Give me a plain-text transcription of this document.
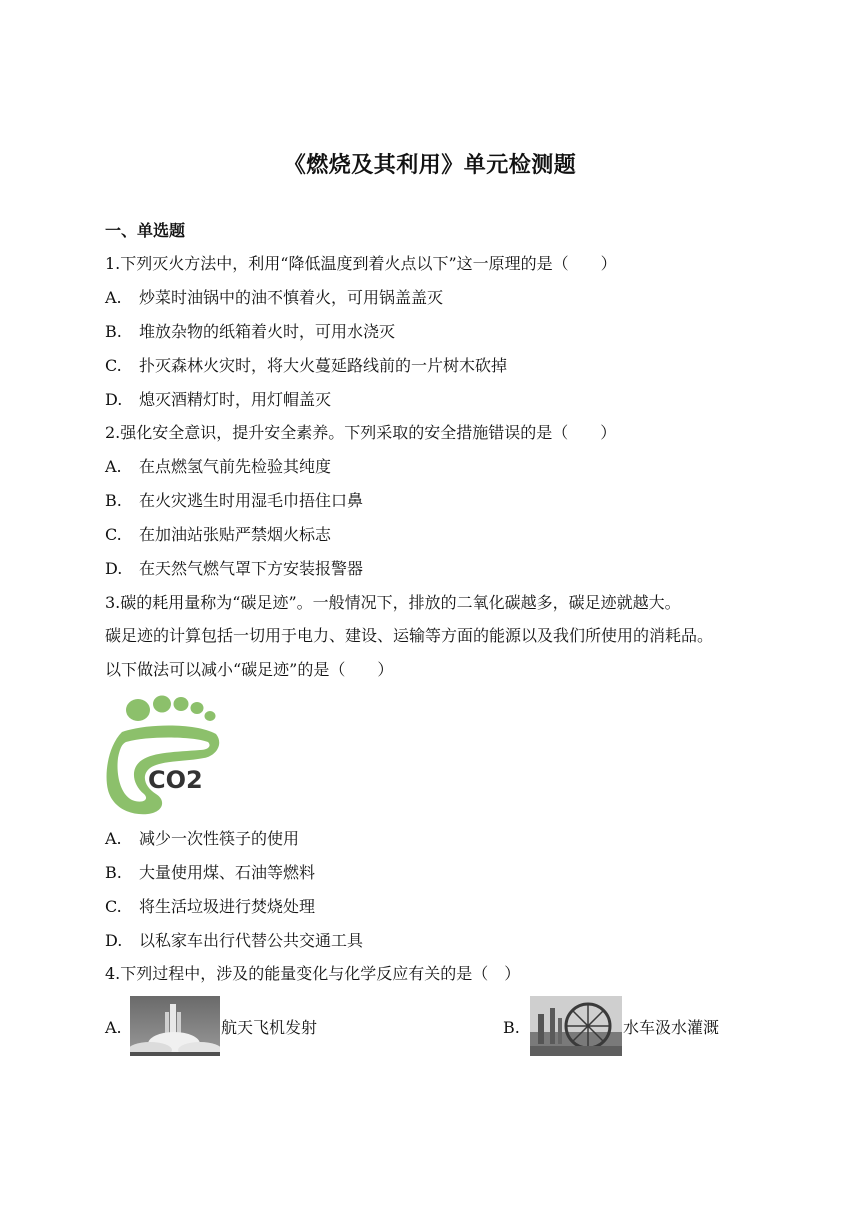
《燃烧及其利用》单元检测题
一、单选题
1.下列灭火方法中，利用“降低温度到着火点以下”这一原理的是（　　）
A. 炒菜时油锅中的油不慎着火，可用锅盖盖灭
B. 堆放杂物的纸箱着火时，可用水浇灭
C. 扑灭森林火灾时，将大火蔓延路线前的一片树木砍掉
D. 熄灭酒精灯时，用灯帽盖灭
2.强化安全意识，提升安全素养。下列采取的安全措施错误的是（　　）
A. 在点燃氢气前先检验其纯度
B. 在火灾逃生时用湿毛巾捂住口鼻
C. 在加油站张贴严禁烟火标志
D. 在天然气燃气罩下方安装报警器
3.碳的耗用量称为“碳足迹”。一般情况下，排放的二氧化碳越多，碳足迹就越大。
碳足迹的计算包括一切用于电力、建设、运输等方面的能源以及我们所使用的消耗品。
以下做法可以减小“碳足迹”的是（　　）
CO2
A. 减少一次性筷子的使用
B. 大量使用煤、石油等燃料
C. 将生活垃圾进行焚烧处理
D. 以私家车出行代替公共交通工具
4.下列过程中，涉及的能量变化与化学反应有关的是（　）
A.	航天飞机发射	B.	水车汲水灌溉
